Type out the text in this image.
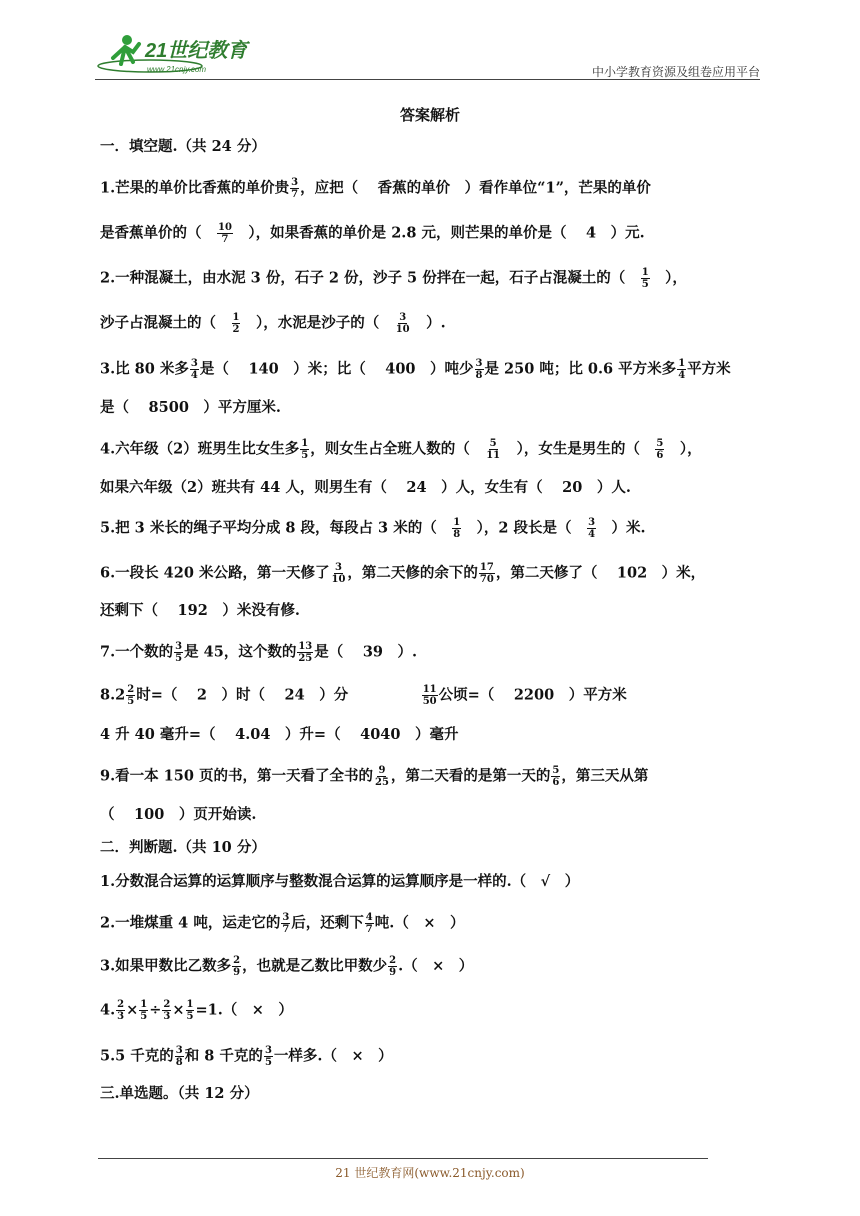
21世纪教育
www.21cnjy.com	中小学教育资源及组卷应用平台
答案解析
一．填空题.（共 24 分）
1.芒果的单价比香蕉的单价贵 $\frac{3}{7}$ ，应把（　 香蕉的单价　）看作单位“1”，芒果的单价
是香蕉单价的（　 $\frac{10}{7}$ 　），如果香蕉的单价是 2.8 元，则芒果的单价是（　 4　）元.
2.一种混凝土，由水泥 3 份，石子 2 份，沙子 5 份拌在一起，石子占混凝土的（　 $\frac{1}{5}$ 　），
沙子占混凝土的（　 $\frac{1}{2}$ 　），水泥是沙子的（　 $\frac{3}{10}$ 　）.
3.比 80 米多 $\frac{3}{4}$ 是（　 140　）米；比（　 400　）吨少 $\frac{3}{8}$ 是 250 吨；比 0.6 平方米多 $\frac{1}{4}$ 平方米
是（　 8500　）平方厘米.
4.六年级（2）班男生比女生多 $\frac{1}{5}$ ，则女生占全班人数的（　 $\frac{5}{11}$ 　），女生是男生的（　 $\frac{5}{6}$ 　），
如果六年级（2）班共有 44 人，则男生有（　 24　）人，女生有（　 20　）人.
5.把 3 米长的绳子平均分成 8 段，每段占 3 米的（　 $\frac{1}{8}$ 　），2 段长是（　 $\frac{3}{4}$ 　）米.
6.一段长 420 米公路，第一天修了 $\frac{3}{10}$ ，第二天修的余下的 $\frac{17}{70}$ ，第二天修了（　 102　）米，
还剩下（　 192　）米没有修.
7.一个数的 $\frac{3}{5}$ 是 45，这个数的 $\frac{13}{25}$ 是（　 39　）.
$8.2 \frac{2}{5}$ 时=（　 2　）时（　 24　）分　　　　　 $\frac{11}{50}$ 公顷=（　 2200　）平方米
4 升 40 毫升=（　 4.04　）升=（　 4040　）毫升
9.看一本 150 页的书，第一天看了全书的 $\frac{9}{25}$ ，第二天看的是第一天的 $\frac{5}{6}$ ，第三天从第
（　 100　）页开始读.
二．判断题.（共 10 分）
1.分数混合运算的运算顺序与整数混合运算的运算顺序是一样的.（　√　）
2.一堆煤重 4 吨，运走它的 $\frac{3}{7}$ 后，还剩下 $\frac{4}{7}$ 吨.（　×　）
3.如果甲数比乙数多 $\frac{2}{9}$ ，也就是乙数比甲数少 $\frac{2}{9}$ .（　×　）
4. $\frac{2}{3} \times \frac{1}{5} \div \frac{2}{3} \times \frac{1}{5} =1$.（　×　）
5.5 千克的 $\frac{3}{8}$ 和 8 千克的 $\frac{3}{5}$ 一样多.（　×　）
三.单选题。（共 12 分）
21 世纪教育网(www.21cnjy.com)
